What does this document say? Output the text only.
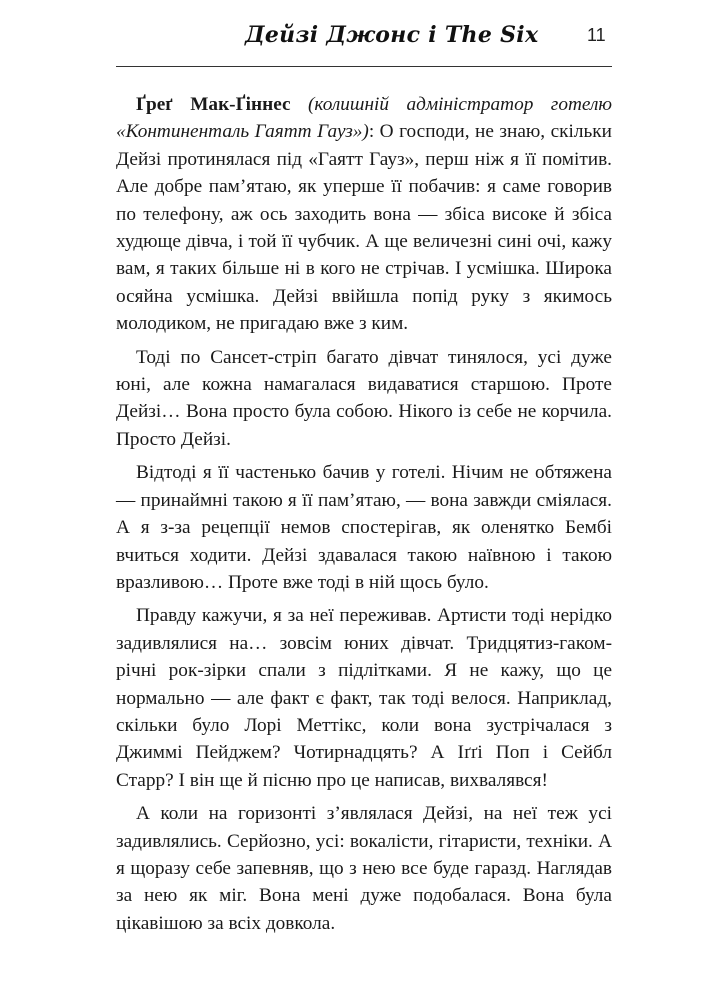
Дейзі Джонс і The Six	11

Ґреґ Мак-Ґіннес (колишній адміністратор готелю «Континенталь Гаятт Гауз»): О господи, не знаю, скільки Дейзі протинялася під «Гаятт Гауз», перш ніж я її помітив. Але добре пам’ятаю, як уперше її побачив: я саме говорив по телефону, аж ось заходить вона — збіса високе й збіса худюще дівча, і той її чубчик. А ще величезні сині очі, кажу вам, я таких більше ні в кого не стрічав. І усмішка. Широка осяйна усмішка. Дейзі ввійшла попід руку з якимось молодиком, не пригадаю вже з ким.

Тоді по Сансет-стріп багато дівчат тинялося, усі дуже юні, але кожна намагалася видаватися старшою. Проте Дейзі… Вона просто була собою. Нікого із себе не корчила. Просто Дейзі.

Відтоді я її частенько бачив у готелі. Нічим не обтяжена — принаймні такою я її пам’ятаю, — вона завжди сміялася. А я з-за рецепції немов спостерігав, як оленятко Бембі вчиться ходити. Дейзі здавалася такою наївною і такою вразливою… Проте вже тоді в ній щось було.

Правду кажучи, я за неї переживав. Артисти тоді нерідко задивлялися на… зовсім юних дівчат. Тридцятиз-гаком-річні рок-зірки спали з підлітками. Я не кажу, що це нормально — але факт є факт, так тоді велося. Наприклад, скільки було Лорі Меттікс, коли вона зустрічалася з Джиммі Пейджем? Чотирнадцять? А Іґґі Поп і Сейбл Старр? І він ще й пісню про це написав, вихвалявся!

А коли на горизонті з’являлася Дейзі, на неї теж усі задивлялись. Серйозно, усі: вокалісти, гітаристи, техніки. А я щоразу себе запевняв, що з нею все буде гаразд. Наглядав за нею як міг. Вона мені дуже подобалася. Вона була цікавішою за всіх довкола.
